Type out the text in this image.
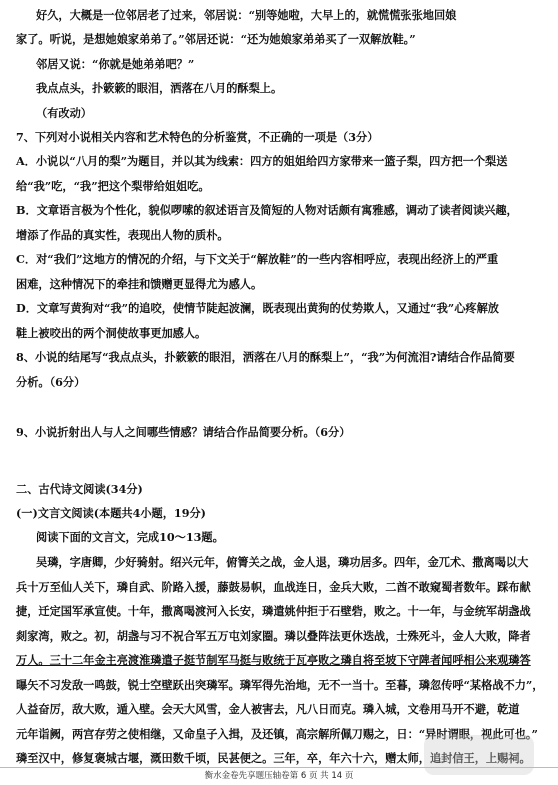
好久，大概是一位邻居老了过来，邻居说：“别等她啦，大早上的，就慌慌张张地回娘
家了。听说，是想她娘家弟弟了。”邻居还说：“还为她娘家弟弟买了一双解放鞋。”
邻居又说：“你就是她弟弟吧？”
我点点头，扑簌簌的眼泪，洒落在八月的酥梨上。
（有改动）
7、下列对小说相关内容和艺术特色的分析鉴赏，不正确的一项是（3分）
A．小说以“八月的梨”为题目，并以其为线索：四方的姐姐给四方家带来一篮子梨，四方把一个梨送
给“我”吃，“我”把这个梨带给姐姐吃。
B．文章语言极为个性化，貌似啰嗦的叙述语言及简短的人物对话颇有寓雅感，调动了读者阅读兴趣，
增添了作品的真实性，表现出人物的质朴。
C．对“我们”这地方的情况的介绍，与下文关于“解放鞋”的一些内容相呼应，表现出经济上的严重
困难，这种情况下的牵挂和馈赠更显得尤为感人。
D．文章写黄狗对“我”的追咬，使情节陡起波澜，既表现出黄狗的仗势欺人，又通过“我”心疼解放
鞋上被咬出的两个洞使故事更加感人。
8、小说的结尾写“我点点头，扑簌簌的眼泪，洒落在八月的酥梨上”，“我”为何流泪?请结合作品简要
分析。（6分）
9、小说折射出人与人之间哪些情感？请结合作品简要分析。（6分）
二、古代诗文阅读(34分)
(一)文言文阅读(本题共4小题，19分)
阅读下面的文言文，完成10～13题。
吴璘，字唐卿，少好骑射。绍兴元年，俯箐关之战，金人退，璘功居多。四年，金兀术、撒离喝以大
兵十万至仙人关下，璘自武、阶路入援，藤鼓易帜，血战连日，金兵大败，二酋不敢窥蜀者数年。踩布献
捷，迁定国军承宣使。十年，撒离喝渡河入长安，璘遣姚仲拒于石壁砦，败之。十一年，与金统军胡盏战
剡家湾，败之。初，胡盏与习不祝合军五万屯刘家圈。璘以叠阵法更休迭战，士殊死斗，金人大败，降者
万人。三十二年金主亮渡淮璘遣子挺节制军马挺与败统于瓦亭败之璘自将至坡下守陴者闻呼相公来观璘答
曝矢不习发敌一鸣鼓，锐士空壁跃出突璘军。璘军得先治地，无不一当十。至暮，璘忽传呼“某格战不力”，
人益奋厉，敌大败，遁入壁。会天大风雪，金人被害去，凡八日而克。璘入城，文卷用马开不避，乾道
元年诣阙，两宫存劳之使相继，又命皇子入揖，及还镇，高宗解所佩刀赐之，日：“异时谓眼，视此可也。”
璘至汉中，修复褒城古堰，溉田数千顷，民甚便之。三年，卒，年六十六，赠太师，追封信王，上赐祠。
衡水金卷先享题压轴卷第 6 页 共 14 页
